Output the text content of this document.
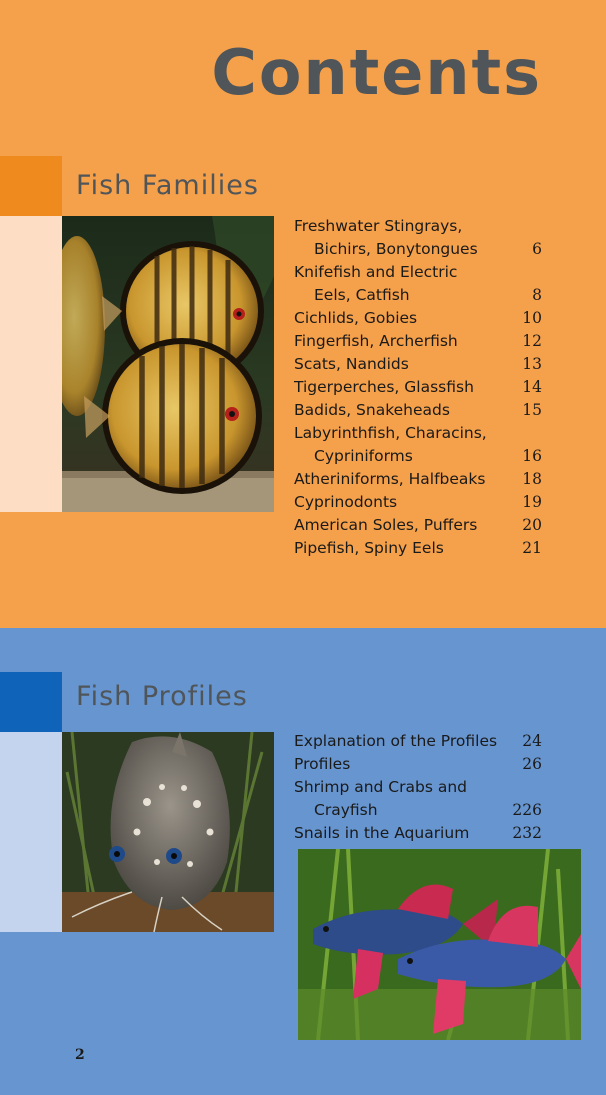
Contents
Fish Families
Freshwater Stingrays,
Bichirs, Bonytongues	6
Knifefish and Electric
Eels, Catfish	8
Cichlids, Gobies	10
Fingerfish, Archerfish	12
Scats, Nandids	13
Tigerperches, Glassfish	14
Badids, Snakeheads	15
Labyrinthfish, Characins,
Cypriniforms	16
Atheriniforms, Halfbeaks	18
Cyprinodonts	19
American Soles, Puffers	20
Pipefish, Spiny Eels	21
Fish Profiles
Explanation of the Profiles	24
Profiles	26
Shrimp and Crabs and
Crayfish	226
Snails in the Aquarium	232
2
